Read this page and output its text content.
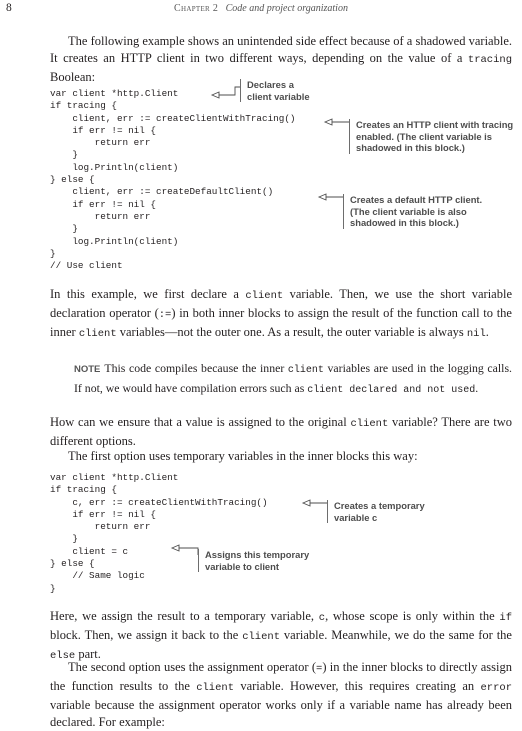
8	Chapter 2 Code and project organization

The following example shows an unintended side effect because of a shadowed variable. It creates an HTTP client in two different ways, depending on the value of a tracing Boolean:

var client *http.Client
if tracing {
client, err := createClientWithTracing()
if err != nil {
return err
}
log.Println(client)
} else {
client, err := createDefaultClient()
if err != nil {
return err
}
log.Println(client)
}
// Use client
Declares a
client variable
Creates an HTTP client with tracing
enabled. (The client variable is
shadowed in this block.)
Creates a default HTTP client.
(The client variable is also
shadowed in this block.)

In this example, we first declare a client variable. Then, we use the short variable declaration operator (:=) in both inner blocks to assign the result of the function call to the inner client variables—not the outer one. As a result, the outer variable is always nil.

NOTE This code compiles because the inner client variables are used in the logging calls. If not, we would have compilation errors such as client declared and not used.

How can we ensure that a value is assigned to the original client variable? There are two different options.

The first option uses temporary variables in the inner blocks this way:

var client *http.Client
if tracing {
c, err := createClientWithTracing()
if err != nil {
return err
}
client = c
} else {
// Same logic
}
Creates a temporary
variable c
Assigns this temporary
variable to client

Here, we assign the result to a temporary variable, c, whose scope is only within the if block. Then, we assign it back to the client variable. Meanwhile, we do the same for the else part.

The second option uses the assignment operator (=) in the inner blocks to directly assign the function results to the client variable. However, this requires creating an error variable because the assignment operator works only if a variable name has already been declared. For example:
